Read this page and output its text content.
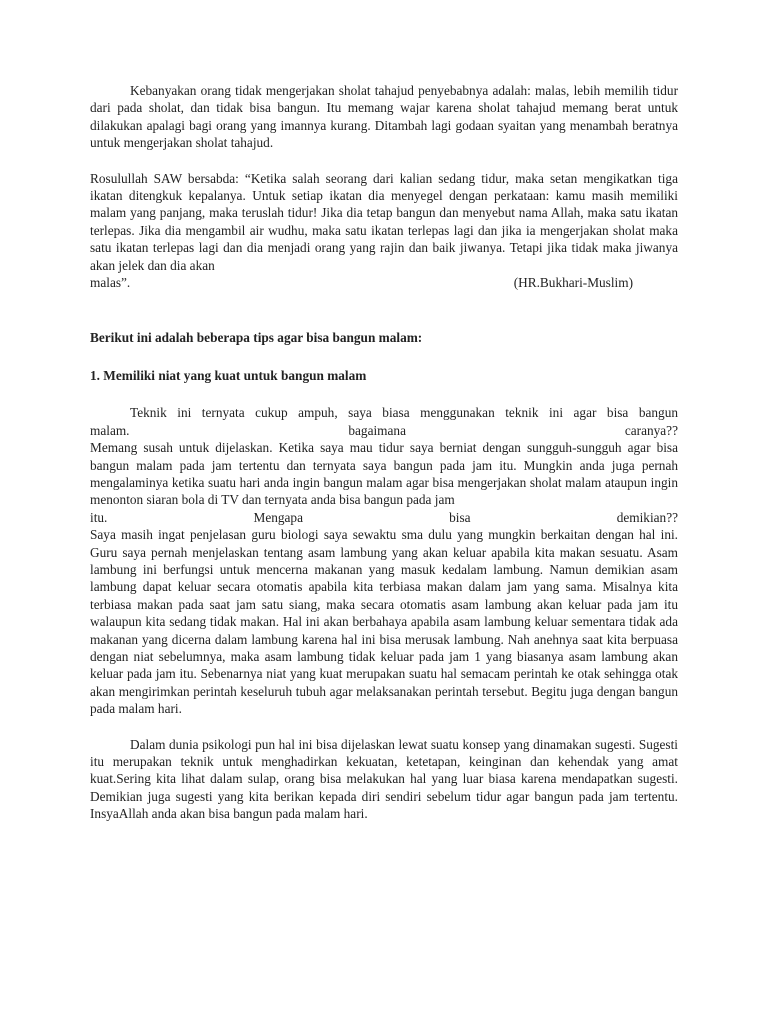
Kebanyakan orang tidak mengerjakan sholat tahajud penyebabnya adalah: malas, lebih memilih tidur dari pada sholat, dan tidak bisa bangun. Itu memang wajar karena sholat tahajud memang berat untuk dilakukan apalagi bagi orang yang imannya kurang. Ditambah lagi godaan syaitan yang menambah beratnya untuk mengerjakan sholat tahajud.

Rosulullah SAW bersabda: “Ketika salah seorang dari kalian sedang tidur, maka setan mengikatkan tiga ikatan ditengkuk kepalanya. Untuk setiap ikatan dia menyegel dengan perkataan: kamu masih memiliki malam yang panjang, maka teruslah tidur! Jika dia tetap bangun dan menyebut nama Allah, maka satu ikatan terlepas. Jika dia mengambil air wudhu, maka satu ikatan terlepas lagi dan jika ia mengerjakan sholat maka satu ikatan terlepas lagi dan dia menjadi orang yang rajin dan baik jiwanya. Tetapi jika tidak maka jiwanya akan jelek dan dia akan

malas”.	(HR.Bukhari-Muslim)

Berikut ini adalah beberapa tips agar bisa bangun malam:

1. Memiliki niat yang kuat untuk bangun malam

Teknik ini ternyata cukup ampuh, saya biasa menggunakan teknik ini agar bisa bangun
malam. bagaimana caranya??

Memang susah untuk dijelaskan. Ketika saya mau tidur saya berniat dengan sungguh-sungguh agar bisa bangun malam pada jam tertentu dan ternyata saya bangun pada jam itu. Mungkin anda juga pernah mengalaminya ketika suatu hari anda ingin bangun malam agar bisa mengerjakan sholat malam ataupun ingin menonton siaran bola di TV dan ternyata anda bisa bangun pada jam

itu. Mengapa bisa demikian??

Saya masih ingat penjelasan guru biologi saya sewaktu sma dulu yang mungkin berkaitan dengan hal ini. Guru saya pernah menjelaskan tentang asam lambung yang akan keluar apabila kita makan sesuatu. Asam lambung ini berfungsi untuk mencerna makanan yang masuk kedalam lambung. Namun demikian asam lambung dapat keluar secara otomatis apabila kita terbiasa makan dalam jam yang sama. Misalnya kita terbiasa makan pada saat jam satu siang, maka secara otomatis asam lambung akan keluar pada jam itu walaupun kita sedang tidak makan. Hal ini akan berbahaya apabila asam lambung keluar sementara tidak ada makanan yang dicerna dalam lambung karena hal ini bisa merusak lambung. Nah anehnya saat kita berpuasa dengan niat sebelumnya, maka asam lambung tidak keluar pada jam 1 yang biasanya asam lambung akan keluar pada jam itu. Sebenarnya niat yang kuat merupakan suatu hal semacam perintah ke otak sehingga otak akan mengirimkan perintah keseluruh tubuh agar melaksanakan perintah tersebut. Begitu juga dengan bangun pada malam hari.

Dalam dunia psikologi pun hal ini bisa dijelaskan lewat suatu konsep yang dinamakan sugesti. Sugesti itu merupakan teknik untuk menghadirkan kekuatan, ketetapan, keinginan dan kehendak yang amat kuat.Sering kita lihat dalam sulap, orang bisa melakukan hal yang luar biasa karena mendapatkan sugesti. Demikian juga sugesti yang kita berikan kepada diri sendiri sebelum tidur agar bangun pada jam tertentu. InsyaAllah anda akan bisa bangun pada malam hari.
